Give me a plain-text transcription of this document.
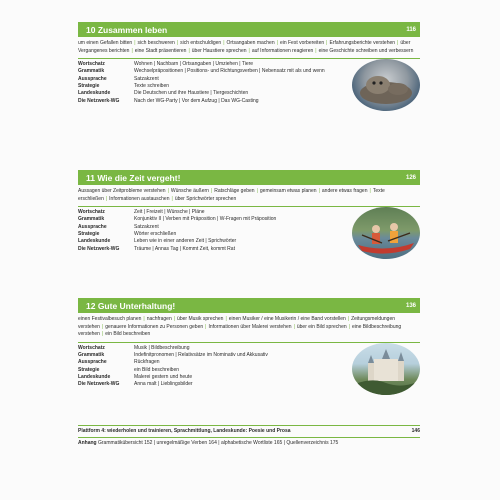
10 Zusammen leben	116
um einen Gefallen bitten | sich beschweren | sich entschuldigen | Ortsangaben machen | ein Fest vorbereiten | Erfahrungsberichte verstehen | über Vergangenes berichten | eine Stadt präsentieren | über Haustiere sprechen | auf Informationen reagieren | eine Geschichte schreiben und verbessern
Wortschatz	Wohnen | Nachbarn | Ortsangaben | Umziehen | Tiere
Grammatik	Wechselpräpositionen | Positions- und Richtungsverben | Nebensatz mit als und wenn
Aussprache	Satzakzent
Strategie	Texte schreiben
Landeskunde	Die Deutschen und ihre Haustiere | Tiergeschichten
Die Netzwerk-WG	Nach der WG-Party | Vor dem Aufzug | Das WG-Casting
11 Wie die Zeit vergeht!	126
Aussagen über Zeitprobleme verstehen | Wünsche äußern | Ratschläge geben | gemeinsam etwas planen | andere etwas fragen | Texte erschließen | Informationen austauschen | über Sprichwörter sprechen
Wortschatz	Zeit | Freizeit | Wünsche | Pläne
Grammatik	Konjunktiv II | Verben mit Präposition | W-Fragen mit Präposition
Aussprache	Satzakzent
Strategie	Wörter erschließen
Landeskunde	Leben wie in einer anderen Zeit | Sprichwörter
Die Netzwerk-WG	Träume | Annas Tag | Kommt Zeit, kommt Rat
12 Gute Unterhaltung!	136
einen Festivalbesuch planen | nachfragen | über Musik sprechen | einen Musiker / eine Musikerin / eine Band vorstellen | Zeitungsmeldungen verstehen | genauere Informationen zu Personen geben | Informationen über Malerei verstehen | über ein Bild sprechen | eine Bildbeschreibung verstehen | ein Bild beschreiben
Wortschatz	Musik | Bildbeschreibung
Grammatik	Indefinitpronomen | Relativsätze im Nominativ und Akkusativ
Aussprache	Rückfragen
Strategie	ein Bild beschreiben
Landeskunde	Malerei gestern und heute
Die Netzwerk-WG	Anna malt | Lieblingsbilder
Plattform 4: wiederholen und trainieren, Sprachmittlung, Landeskunde: Poesie und Prosa	146
Anhang Grammatikübersicht 152 | unregelmäßige Verben 164 | alphabetische Wortliste 165 | Quellenverzeichnis 175
